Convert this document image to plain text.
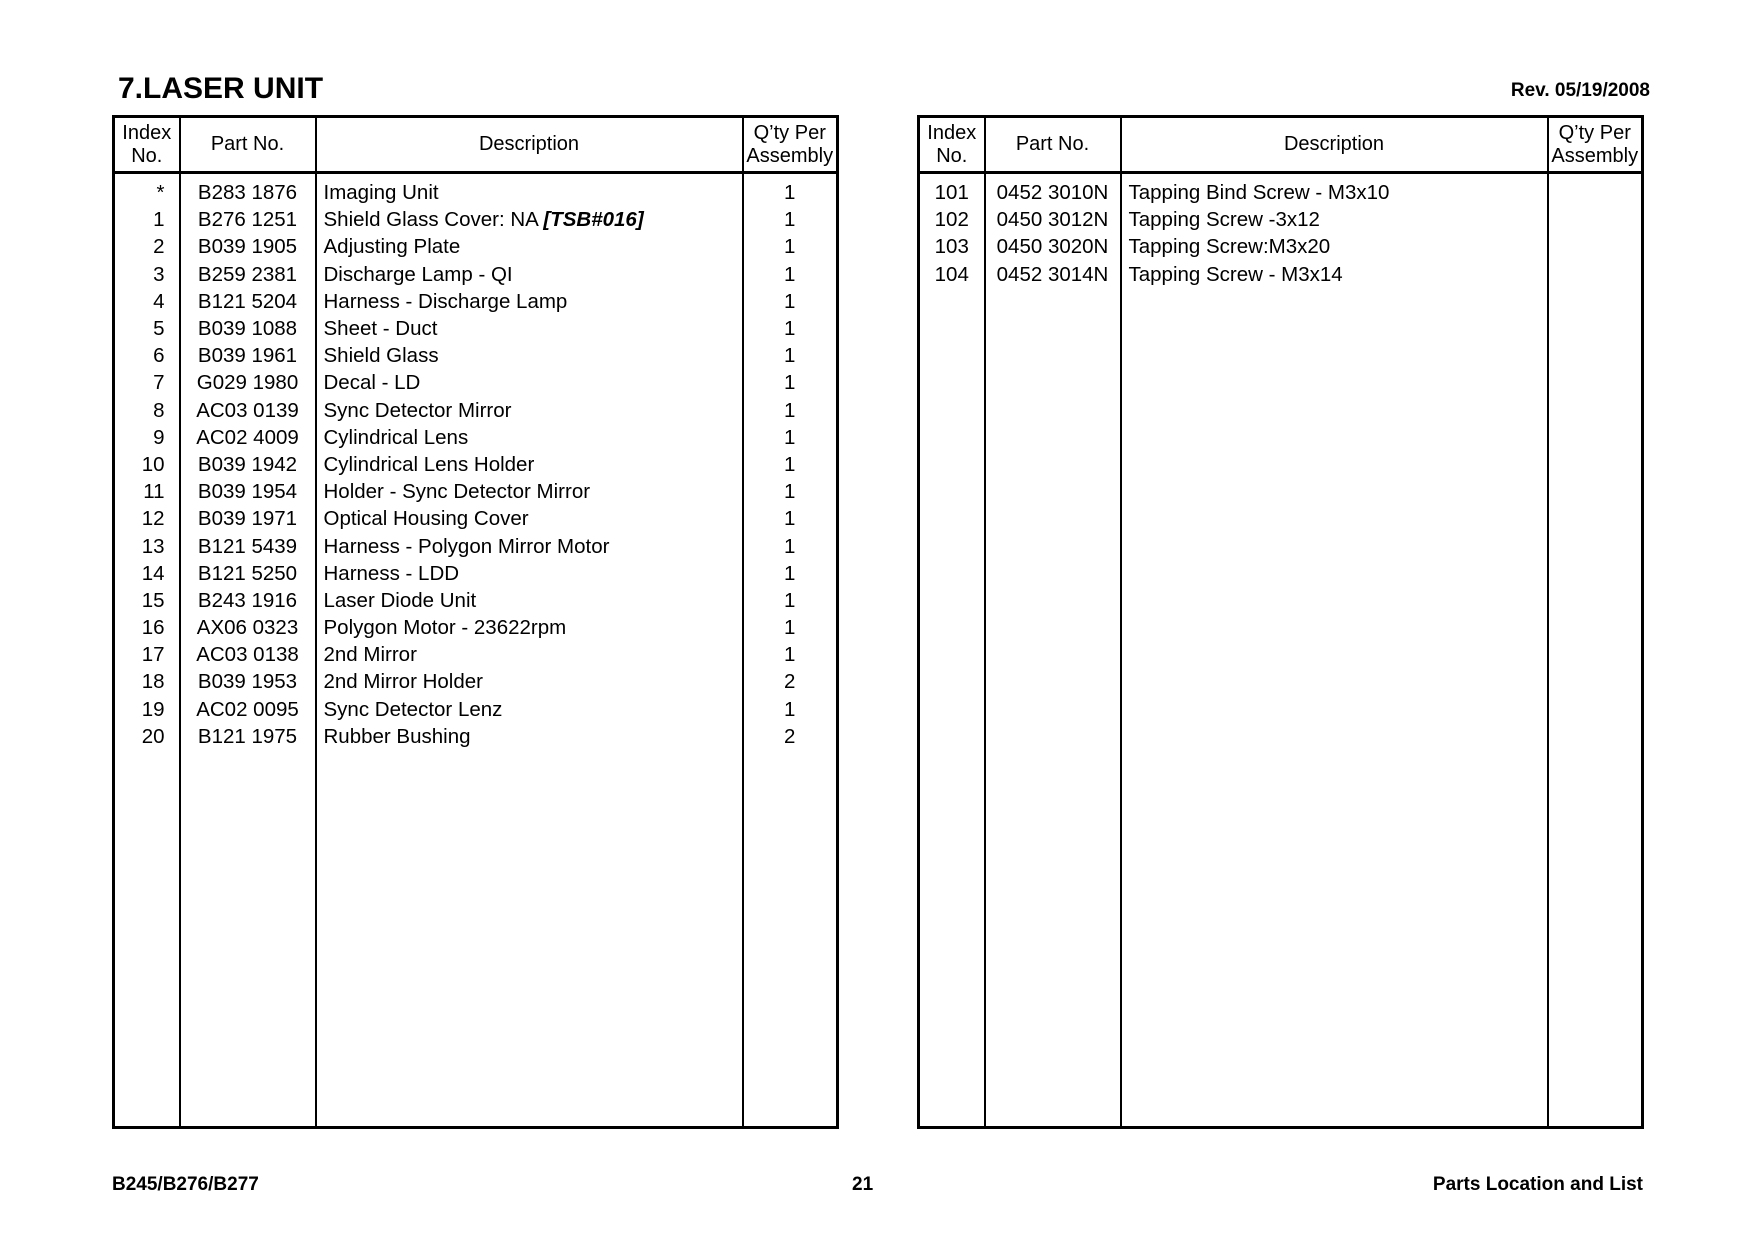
7.LASER UNIT	Rev. 05/19/2008
Index
No.	Part No.	Description	Q’ty Per
Assembly
*	B283 1876	Imaging Unit	1
1	B276 1251	Shield Glass Cover: NA [TSB#016]	1
2	B039 1905	Adjusting Plate	1
3	B259 2381	Discharge Lamp - QI	1
4	B121 5204	Harness - Discharge Lamp	1
5	B039 1088	Sheet - Duct	1
6	B039 1961	Shield Glass	1
7	G029 1980	Decal - LD	1
8	AC03 0139	Sync Detector Mirror	1
9	AC02 4009	Cylindrical Lens	1
10	B039 1942	Cylindrical Lens Holder	1
11	B039 1954	Holder - Sync Detector Mirror	1
12	B039 1971	Optical Housing Cover	1
13	B121 5439	Harness - Polygon Mirror Motor	1
14	B121 5250	Harness - LDD	1
15	B243 1916	Laser Diode Unit	1
16	AX06 0323	Polygon Motor - 23622rpm	1
17	AC03 0138	2nd Mirror	1
18	B039 1953	2nd Mirror Holder	2
19	AC02 0095	Sync Detector Lenz	1
20	B121 1975	Rubber Bushing	2

Index
No.	Part No.	Description	Q’ty Per
Assembly
101	0452 3010N	Tapping Bind Screw - M3x10	
102	0450 3012N	Tapping Screw -3x12	
103	0450 3020N	Tapping Screw:M3x20	
104	0452 3014N	Tapping Screw - M3x14	

B245/B276/B277	21	Parts Location and List
